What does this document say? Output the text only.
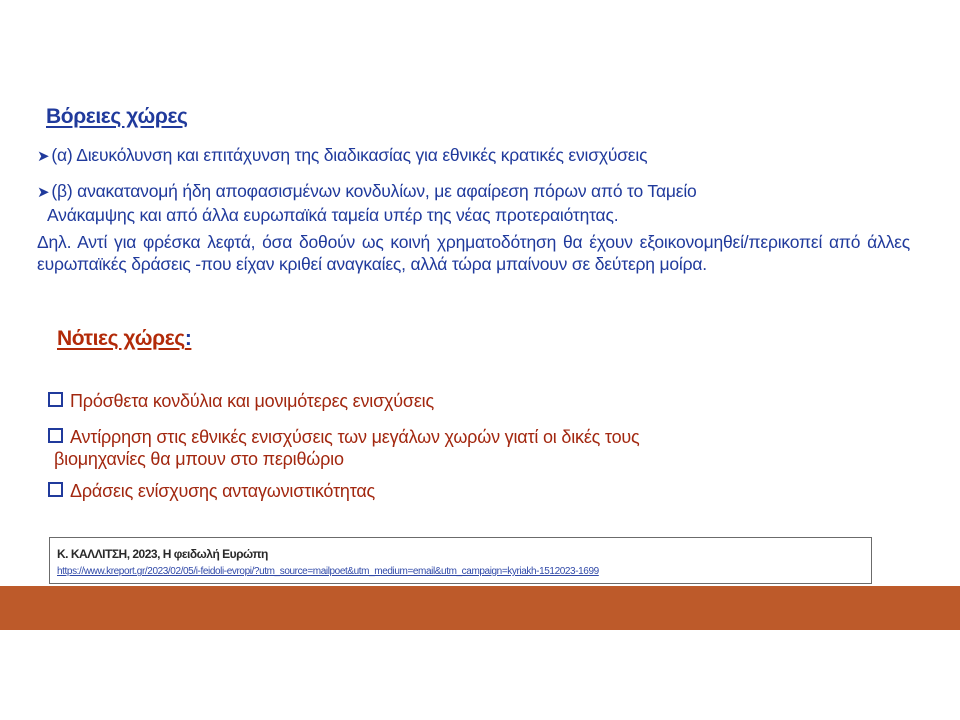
Βόρειες χώρες
➤ (α) Διευκόλυνση και επιτάχυνση της διαδικασίας για εθνικές κρατικές ενισχύσεις
➤ (β) ανακατανομή ήδη αποφασισμένων κονδυλίων, με αφαίρεση πόρων από το Ταμείο
Ανάκαμψης και από άλλα ευρωπαϊκά ταμεία υπέρ της νέας προτεραιότητας.
Δηλ. Αντί για φρέσκα λεφτά, όσα δοθούν ως κοινή χρηματοδότηση θα έχουν εξοικονομηθεί/περικοπεί από άλλες ευρωπαϊκές δράσεις -που είχαν κριθεί αναγκαίες, αλλά τώρα μπαίνουν σε δεύτερη μοίρα.
Νότιες χώρες:
Πρόσθετα κονδύλια και μονιμότερες ενισχύσεις
Αντίρρηση στις εθνικές ενισχύσεις των μεγάλων χωρών γιατί οι δικές τους
βιομηχανίες θα μπουν στο περιθώριο
Δράσεις ενίσχυσης ανταγωνιστικότητας
Κ. ΚΑΛΛΙΤΣΗ, 2023, Η φειδωλή Ευρώπη
https://www.kreport.gr/2023/02/05/i-feidoli-evropi/?utm_source=mailpoet&utm_medium=email&utm_campaign=kyriakh-1512023-1699
